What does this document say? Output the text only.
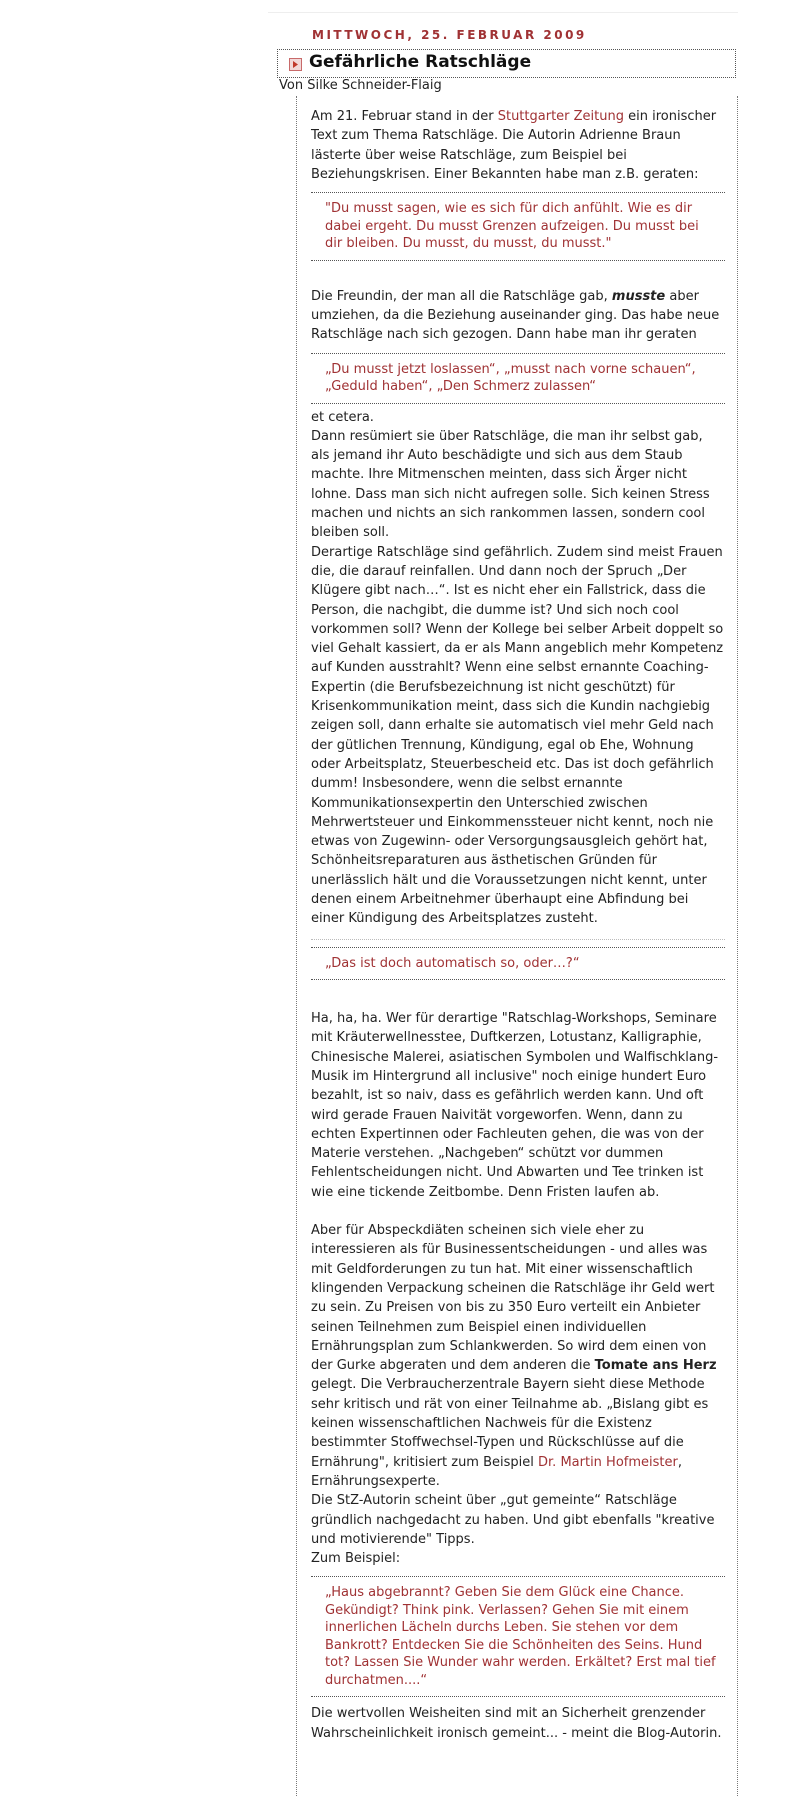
MITTWOCH, 25. FEBRUAR 2009
Gefährliche Ratschläge
Von Silke Schneider-Flaig

Am 21. Februar stand in der Stuttgarter Zeitung ein ironischer Text zum Thema Ratschläge. Die Autorin Adrienne Braun lästerte über weise Ratschläge, zum Beispiel bei Beziehungskrisen. Einer Bekannten habe man z.B. geraten:

"Du musst sagen, wie es sich für dich anfühlt. Wie es dir dabei ergeht. Du musst Grenzen aufzeigen. Du musst bei dir bleiben. Du musst, du musst, du musst."

Die Freundin, der man all die Ratschläge gab, musste aber umziehen, da die Beziehung auseinander ging. Das habe neue Ratschläge nach sich gezogen. Dann habe man ihr geraten

„Du musst jetzt loslassen“, „musst nach vorne schauen“, „Geduld haben“, „Den Schmerz zulassen“

et cetera.

Dann resümiert sie über Ratschläge, die man ihr selbst gab, als jemand ihr Auto beschädigte und sich aus dem Staub machte. Ihre Mitmenschen meinten, dass sich Ärger nicht lohne. Dass man sich nicht aufregen solle. Sich keinen Stress machen und nichts an sich rankommen lassen, sondern cool bleiben soll.

Derartige Ratschläge sind gefährlich. Zudem sind meist Frauen die, die darauf reinfallen. Und dann noch der Spruch „Der Klügere gibt nach…“. Ist es nicht eher ein Fallstrick, dass die Person, die nachgibt, die dumme ist? Und sich noch cool vorkommen soll? Wenn der Kollege bei selber Arbeit doppelt so viel Gehalt kassiert, da er als Mann angeblich mehr Kompetenz auf Kunden ausstrahlt? Wenn eine selbst ernannte Coaching-Expertin (die Berufsbezeichnung ist nicht geschützt) für Krisenkommunikation meint, dass sich die Kundin nachgiebig zeigen soll, dann erhalte sie automatisch viel mehr Geld nach der gütlichen Trennung, Kündigung, egal ob Ehe, Wohnung oder Arbeitsplatz, Steuerbescheid etc. Das ist doch gefährlich dumm! Insbesondere, wenn die selbst ernannte Kommunikationsexpertin den Unterschied zwischen Mehrwertsteuer und Einkommenssteuer nicht kennt, noch nie etwas von Zugewinn- oder Versorgungsausgleich gehört hat, Schönheitsreparaturen aus ästhetischen Gründen für unerlässlich hält und die Voraussetzungen nicht kennt, unter denen einem Arbeitnehmer überhaupt eine Abfindung bei einer Kündigung des Arbeitsplatzes zusteht.

„Das ist doch automatisch so, oder…?“

Ha, ha, ha. Wer für derartige "Ratschlag-Workshops, Seminare mit Kräuterwellnesstee, Duftkerzen, Lotustanz, Kalligraphie, Chinesische Malerei, asiatischen Symbolen und Walfischklang-Musik im Hintergrund all inclusive" noch einige hundert Euro bezahlt, ist so naiv, dass es gefährlich werden kann. Und oft wird gerade Frauen Naivität vorgeworfen. Wenn, dann zu echten Expertinnen oder Fachleuten gehen, die was von der Materie verstehen. „Nachgeben“ schützt vor dummen Fehlentscheidungen nicht. Und Abwarten und Tee trinken ist wie eine tickende Zeitbombe. Denn Fristen laufen ab.

Aber für Abspeckdiäten scheinen sich viele eher zu interessieren als für Businessentscheidungen - und alles was mit Geldforderungen zu tun hat. Mit einer wissenschaftlich klingenden Verpackung scheinen die Ratschläge ihr Geld wert zu sein. Zu Preisen von bis zu 350 Euro verteilt ein Anbieter seinen Teilnehmen zum Beispiel einen individuellen Ernährungsplan zum Schlankwerden. So wird dem einen von der Gurke abgeraten und dem anderen die Tomate ans Herz gelegt. Die Verbraucherzentrale Bayern sieht diese Methode sehr kritisch und rät von einer Teilnahme ab. „Bislang gibt es keinen wissenschaftlichen Nachweis für die Existenz bestimmter Stoffwechsel-Typen und Rückschlüsse auf die Ernährung", kritisiert zum Beispiel Dr. Martin Hofmeister, Ernährungsexperte.

Die StZ-Autorin scheint über „gut gemeinte“ Ratschläge gründlich nachgedacht zu haben. Und gibt ebenfalls "kreative und motivierende" Tipps.

Zum Beispiel:

„Haus abgebrannt? Geben Sie dem Glück eine Chance. Gekündigt? Think pink. Verlassen? Gehen Sie mit einem innerlichen Lächeln durchs Leben. Sie stehen vor dem Bankrott? Entdecken Sie die Schönheiten des Seins. Hund tot? Lassen Sie Wunder wahr werden. Erkältet? Erst mal tief durchatmen....“

Die wertvollen Weisheiten sind mit an Sicherheit grenzender Wahrscheinlichkeit ironisch gemeint... - meint die Blog-Autorin.
